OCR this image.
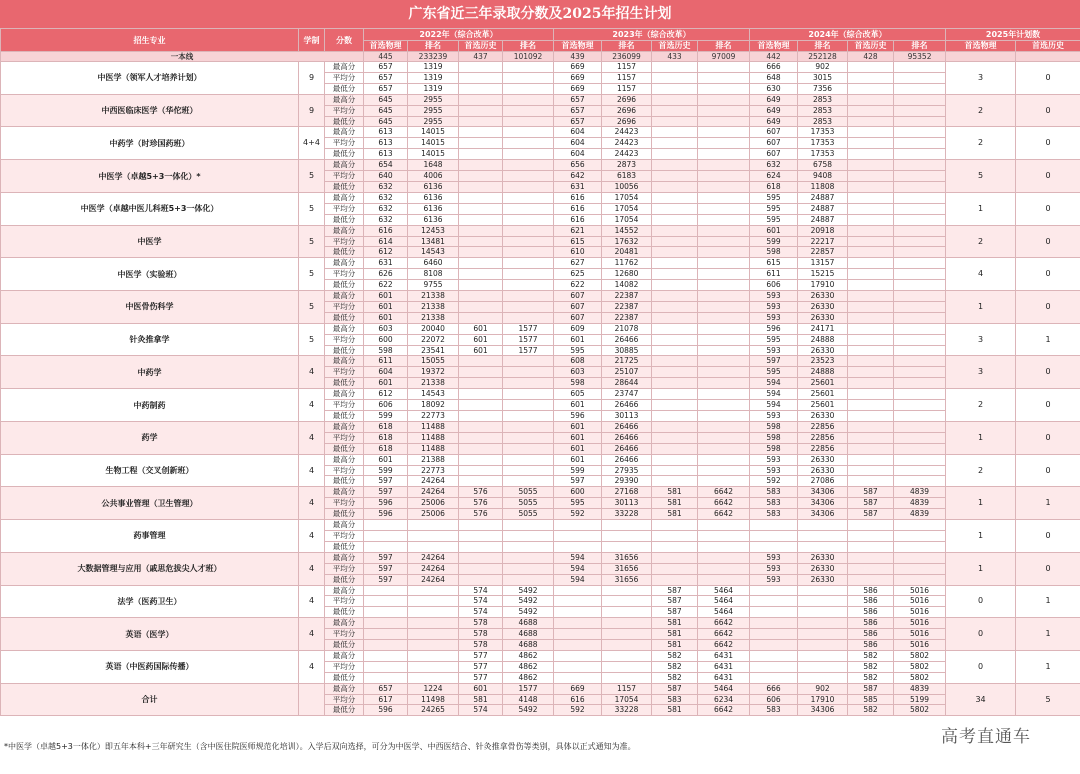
广东省近三年录取分数及2025年招生计划
招生专业	学制	分数	2022年（综合改革）				2023年（综合改革）				2024年（综合改革）				2025年计划数	
			首选物理	排名	首选历史	排名	首选物理	排名	首选历史	排名	首选物理	排名	首选历史	排名	首选物理	首选历史
一本线			445	233239	437	101092	439	236099	433	97009	442	252128	428	95352		
中医学（领军人才培养计划）	9	最高分	657	1319			669	1157			666	902			3	0
		平均分	657	1319			669	1157			648	3015				
		最低分	657	1319			669	1157			630	7356				
中西医临床医学（华佗班）	9	最高分	645	2955			657	2696			649	2853			2	0
		平均分	645	2955			657	2696			649	2853				
		最低分	645	2955			657	2696			649	2853				
中药学（时珍国药班）	4+4	最高分	613	14015			604	24423			607	17353			2	0
		平均分	613	14015			604	24423			607	17353				
		最低分	613	14015			604	24423			607	17353				
中医学（卓越5+3一体化）*	5	最高分	654	1648			656	2873			632	6758			5	0
		平均分	640	4006			642	6183			624	9408				
		最低分	632	6136			631	10056			618	11808				
中医学（卓越中医儿科班5+3一体化）	5	最高分	632	6136			616	17054			595	24887			1	0
		平均分	632	6136			616	17054			595	24887				
		最低分	632	6136			616	17054			595	24887				
中医学	5	最高分	616	12453			621	14552			601	20918			2	0
		平均分	614	13481			615	17632			599	22217				
		最低分	612	14543			610	20481			598	22857				
中医学（实验班）	5	最高分	631	6460			627	11762			615	13157			4	0
		平均分	626	8108			625	12680			611	15215				
		最低分	622	9755			622	14082			606	17910				
中医骨伤科学	5	最高分	601	21338			607	22387			593	26330			1	0
		平均分	601	21338			607	22387			593	26330				
		最低分	601	21338			607	22387			593	26330				
针灸推拿学	5	最高分	603	20040	601	1577	609	21078			596	24171			3	1
		平均分	600	22072	601	1577	601	26466			595	24888				
		最低分	598	23541	601	1577	595	30885			593	26330				
中药学	4	最高分	611	15055			608	21725			597	23523			3	0
		平均分	604	19372			603	25107			595	24888				
		最低分	601	21338			598	28644			594	25601				
中药制药	4	最高分	612	14543			605	23747			594	25601			2	0
		平均分	606	18092			601	26466			594	25601				
		最低分	599	22773			596	30113			593	26330				
药学	4	最高分	618	11488			601	26466			598	22856			1	0
		平均分	618	11488			601	26466			598	22856				
		最低分	618	11488			601	26466			598	22856				
生物工程（交叉创新班）	4	最高分	601	21388			601	26466			593	26330			2	0
		平均分	599	22773			599	27935			593	26330				
		最低分	597	24264			597	29390			592	27086				
公共事业管理（卫生管理）	4	最高分	597	24264	576	5055	600	27168	581	6642	583	34306	587	4839	1	1
		平均分	596	25006	576	5055	595	30113	581	6642	583	34306	587	4839		
		最低分	596	25006	576	5055	592	33228	581	6642	583	34306	587	4839		
药事管理	4	最高分													1	0
		平均分														
		最低分														
大数据管理与应用（戚思危拔尖人才班）	4	最高分	597	24264			594	31656			593	26330			1	0
		平均分	597	24264			594	31656			593	26330				
		最低分	597	24264			594	31656			593	26330				
法学（医药卫生）	4	最高分			574	5492			587	5464			586	5016	0	1
		平均分			574	5492			587	5464			586	5016		
		最低分			574	5492			587	5464			586	5016		
英语（医学）	4	最高分			578	4688			581	6642			586	5016	0	1
		平均分			578	4688			581	6642			586	5016		
		最低分			578	4688			581	6642			586	5016		
英语（中医药国际传播）	4	最高分			577	4862			582	6431			582	5802	0	1
		平均分			577	4862			582	6431			582	5802		
		最低分			577	4862			582	6431			582	5802		
合计		最高分	657	1224	601	1577	669	1157	587	5464	666	902	587	4839	34	5
		平均分	617	11498	581	4148	616	17054	583	6234	606	17910	585	5199		
		最低分	596	24265	574	5492	592	33228	581	6642	583	34306	582	5802		
*中医学（卓越5+3一体化）即五年本科+三年研究生（含中医住院医师规范化培训）。入学后双向选择，可分为中医学、中西医结合、针灸推拿骨伤等类别，具体以正式通知为准。	高考直通车
